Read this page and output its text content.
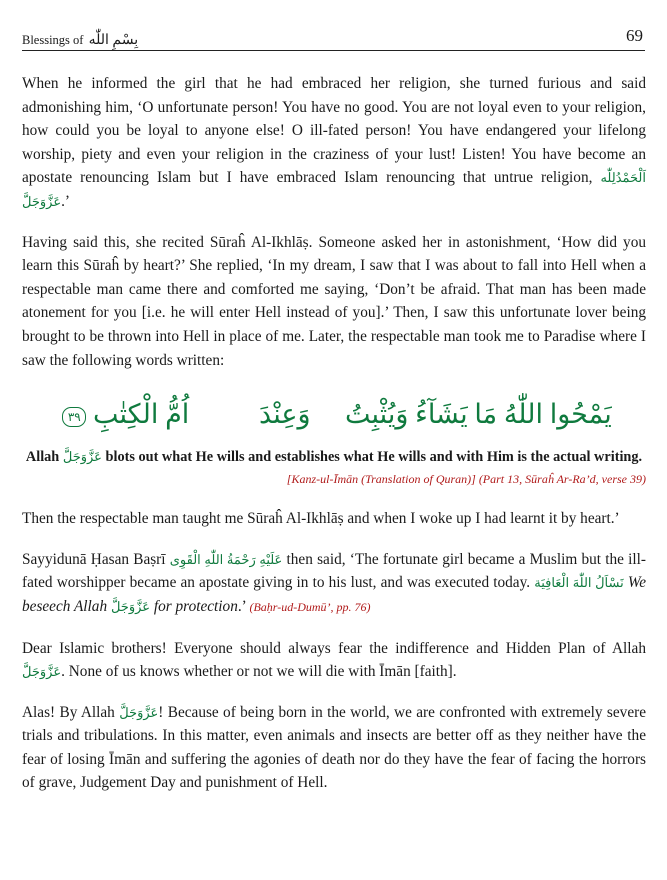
Blessings of بِسْمِ اللّٰه	69

When he informed the girl that he had embraced her religion, she turned furious and said admonishing him, ‘O unfortunate person! You have no good. You are not loyal even to your religion, how could you be loyal to anyone else! O ill-fated person! You have endangered your lifelong worship, piety and even your religion in the craziness of your lust! Listen! You have become an apostate renouncing Islam but I have embraced Islam renouncing that untrue religion, اَلْحَمْدُلِلّٰه عَزَّوَجَلَّ.’

Having said this, she recited Sūraĥ Al-Ikhlāṣ. Someone asked her in astonishment, ‘How did you learn this Sūraĥ by heart?’ She replied, ‘In my dream, I saw that I was about to fall into Hell when a respectable man came there and comforted me saying, ‘Don’t be afraid. That man has been made atonement for you [i.e. he will enter Hell instead of you].’ Then, I saw this unfortunate lover being brought to be thrown into Hell in place of me. Later, the respectable man took me to Paradise where I saw the following words written:

يَمْحُوا اللّٰهُ مَا يَشَآءُ وَيُثْبِتُ ۚ وَعِنْدَهٗۤ اُمُّ الْكِتٰبِ ٣٩
Allah عَزَّوَجَلَّ blots out what He wills and establishes what He wills and with Him is the actual writing.
[Kanz-ul-Īmān (Translation of Quran)] (Part 13, Sūraĥ Ar-Ra’d, verse 39)

Then the respectable man taught me Sūraĥ Al-Ikhlāṣ and when I woke up I had learnt it by heart.’

Sayyidunā Ḥasan Baṣrī عَلَيْهِ رَحْمَةُ اللّٰهِ الْقَوِى then said, ‘The fortunate girl became a Muslim but the ill-fated worshipper became an apostate giving in to his lust, and was executed today. نَسْاَلُ اللّٰهَ الْعَافِيَة We beseech Allah عَزَّوَجَلَّ for protection.’ (Baḥr-ud-Dumū’, pp. 76)

Dear Islamic brothers! Everyone should always fear the indifference and Hidden Plan of Allah عَزَّوَجَلَّ. None of us knows whether or not we will die with Īmān [faith].

Alas! By Allah عَزَّوَجَلَّ! Because of being born in the world, we are confronted with extremely severe trials and tribulations. In this matter, even animals and insects are better off as they neither have the fear of losing Īmān and suffering the agonies of death nor do they have the fear of facing the horrors of grave, Judgement Day and punishment of Hell.
